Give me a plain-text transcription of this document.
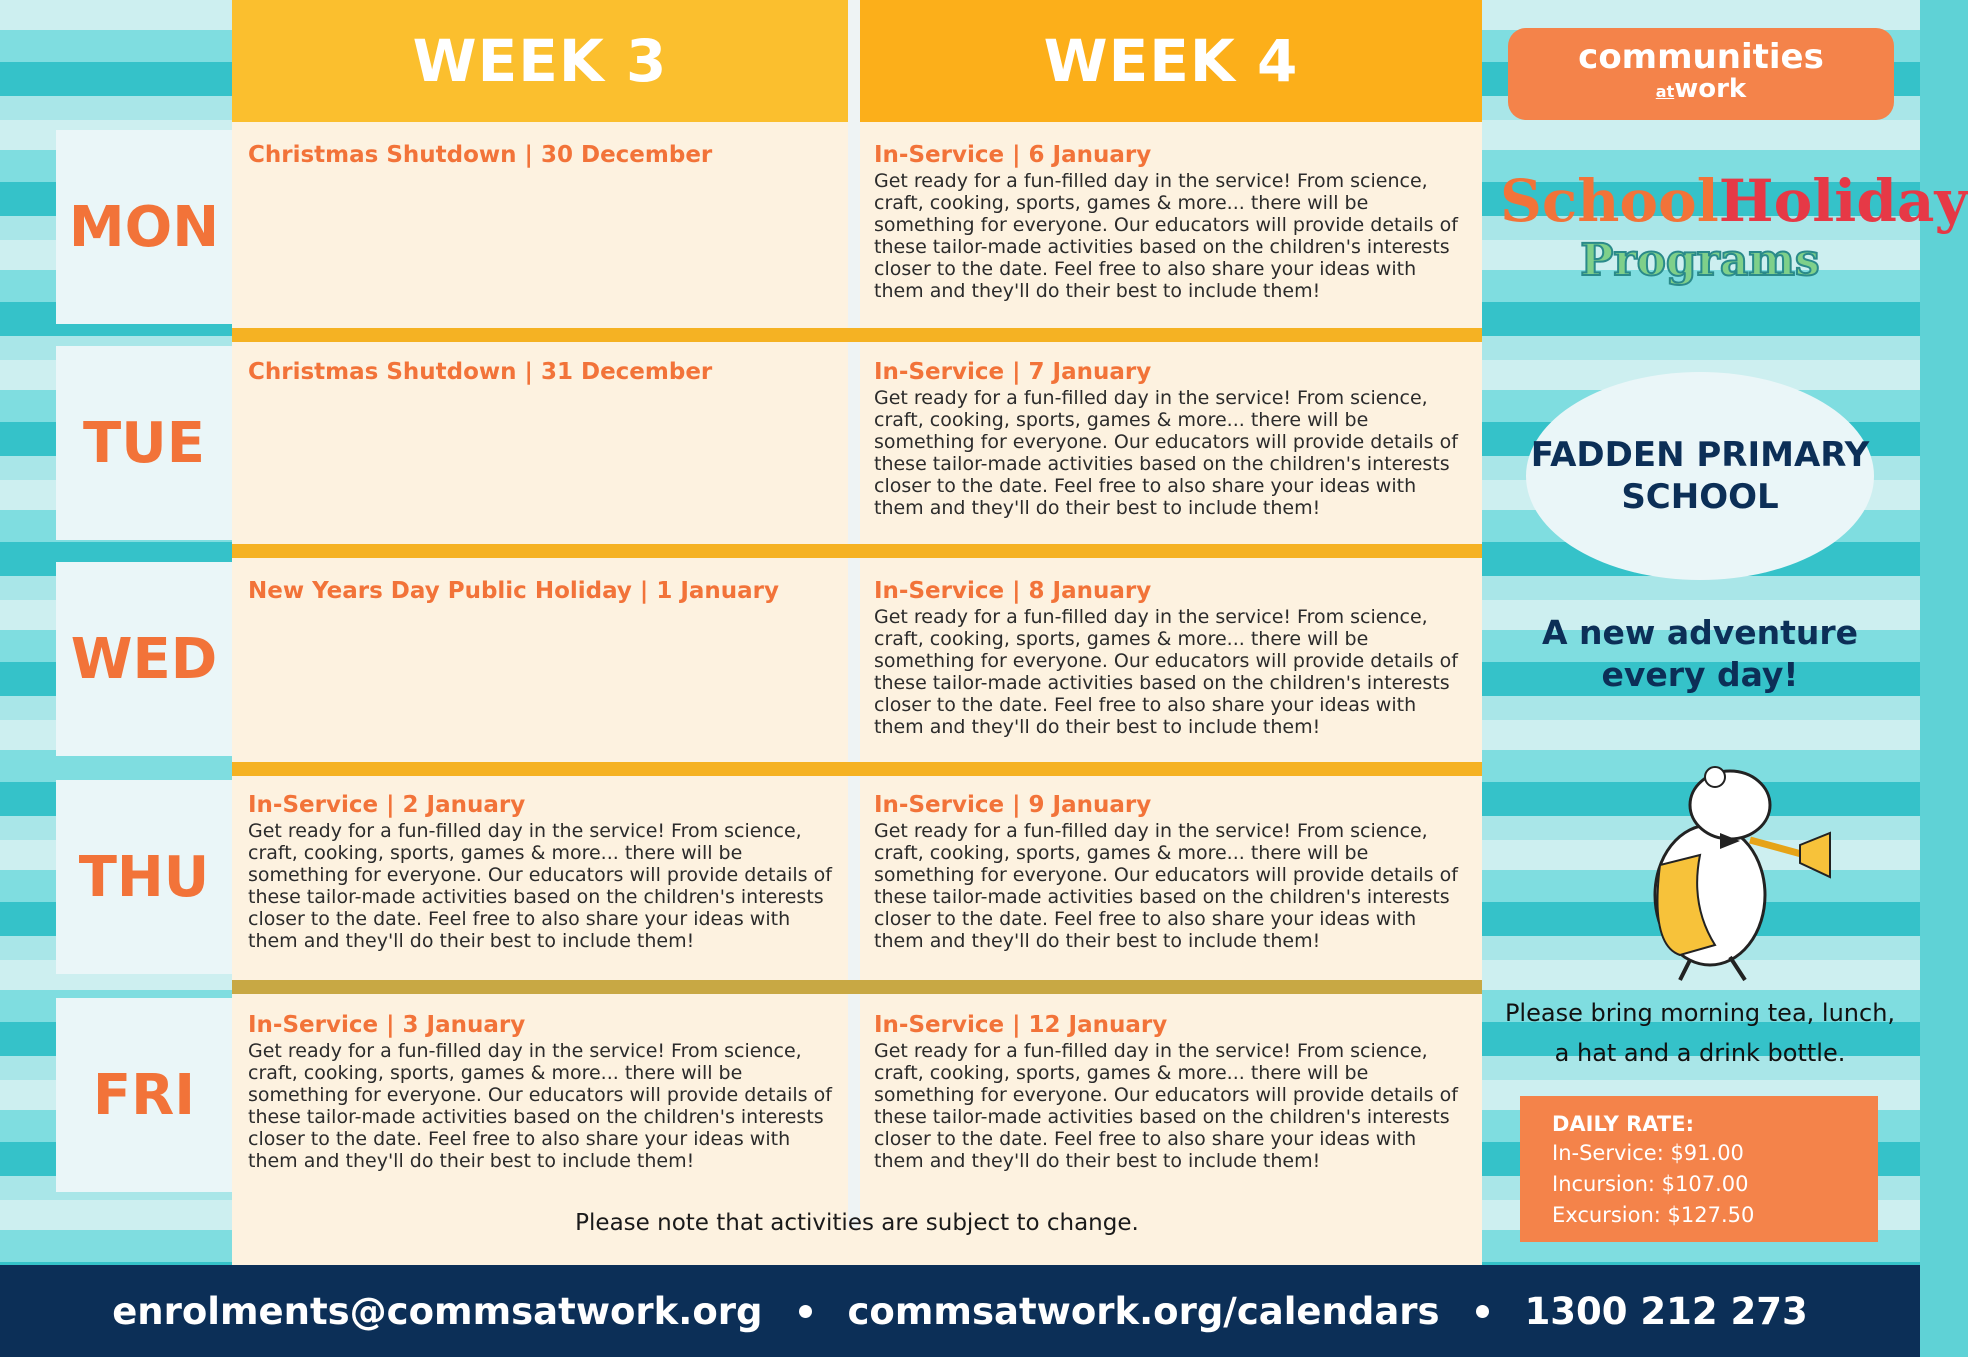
WEEK 3	WEEK 4
MON
TUE
WED
THU
FRI
Christmas Shutdown | 30 December
Christmas Shutdown | 31 December
New Years Day Public Holiday | 1 January
In-Service | 2 January
Get ready for a fun-filled day in the service! From science, craft, cooking, sports, games & more... there will be something for everyone. Our educators will provide details of these tailor-made activities based on the children's interests closer to the date. Feel free to also share your ideas with them and they'll do their best to include them!
In-Service | 3 January
Get ready for a fun-filled day in the service! From science, craft, cooking, sports, games & more... there will be something for everyone. Our educators will provide details of these tailor-made activities based on the children's interests closer to the date. Feel free to also share your ideas with them and they'll do their best to include them!
In-Service | 6 January
Get ready for a fun-filled day in the service! From science, craft, cooking, sports, games & more... there will be something for everyone. Our educators will provide details of these tailor-made activities based on the children's interests closer to the date. Feel free to also share your ideas with them and they'll do their best to include them!
In-Service | 7 January
Get ready for a fun-filled day in the service! From science, craft, cooking, sports, games & more... there will be something for everyone. Our educators will provide details of these tailor-made activities based on the children's interests closer to the date. Feel free to also share your ideas with them and they'll do their best to include them!
In-Service | 8 January
Get ready for a fun-filled day in the service! From science, craft, cooking, sports, games & more... there will be something for everyone. Our educators will provide details of these tailor-made activities based on the children's interests closer to the date. Feel free to also share your ideas with them and they'll do their best to include them!
In-Service | 9 January
Get ready for a fun-filled day in the service! From science, craft, cooking, sports, games & more... there will be something for everyone. Our educators will provide details of these tailor-made activities based on the children's interests closer to the date. Feel free to also share your ideas with them and they'll do their best to include them!
In-Service | 12 January
Get ready for a fun-filled day in the service! From science, craft, cooking, sports, games & more... there will be something for everyone. Our educators will provide details of these tailor-made activities based on the children's interests closer to the date. Feel free to also share your ideas with them and they'll do their best to include them!
Please note that activities are subject to change.
communities
atwork
SchoolHoliday
Programs
FADDEN PRIMARY
SCHOOL
A new adventure
every day!
Please bring morning tea, lunch,
a hat and a drink bottle.
DAILY RATE:
In-Service: $91.00
Incursion: $107.00
Excursion: $127.50
enrolments@commsatwork.org commsatwork.org/calendars 1300 212 273
